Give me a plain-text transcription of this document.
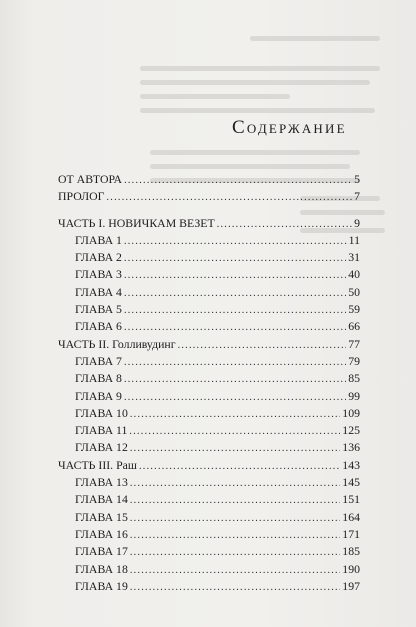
Содержание
ОТ АВТОРА .....	5
ПРОЛОГ .....	7
ЧАСТЬ I. НОВИЧКАМ ВЕЗЕТ .....	9
ГЛАВА 1 .....	11
ГЛАВА 2 .....	31
ГЛАВА 3 .....	40
ГЛАВА 4 .....	50
ГЛАВА 5 .....	59
ГЛАВА 6 .....	66
ЧАСТЬ II. Голливудинг .....	77
ГЛАВА 7 .....	79
ГЛАВА 8 .....	85
ГЛАВА 9 .....	99
ГЛАВА 10 .....	109
ГЛАВА 11 .....	125
ГЛАВА 12 .....	136
ЧАСТЬ III. Раш .....	143
ГЛАВА 13 .....	145
ГЛАВА 14 .....	151
ГЛАВА 15 .....	164
ГЛАВА 16 .....	171
ГЛАВА 17 .....	185
ГЛАВА 18 .....	190
ГЛАВА 19 .....	197
